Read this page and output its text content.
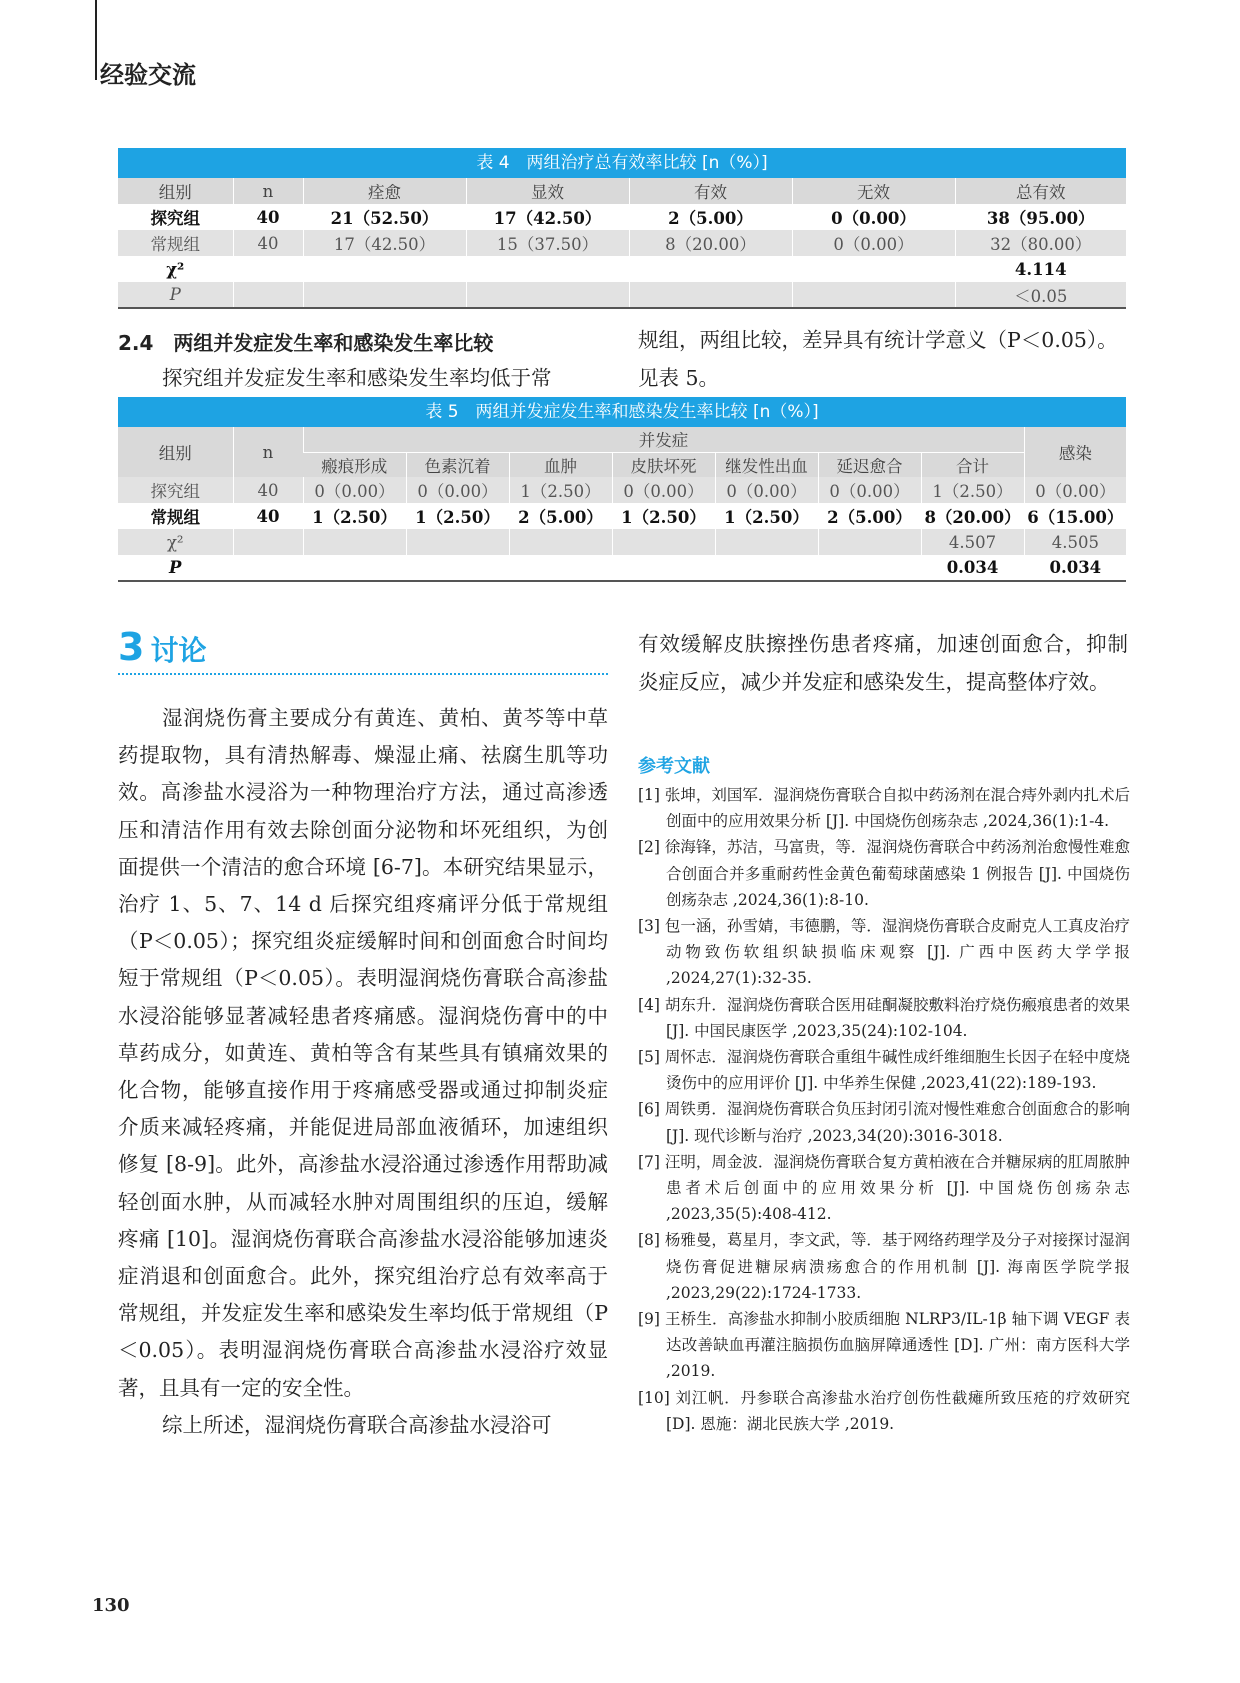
经验交流
表 4　两组治疗总有效率比较 [n（%）]
组别	n	痊愈	显效	有效	无效	总有效
探究组	40	21（52.50）	17（42.50）	2（5.00）	0（0.00）	38（95.00）
常规组	40	17（42.50）	15（37.50）	8（20.00）	0（0.00）	32（80.00）
χ²						4.114
P						＜0.05
2.4　两组并发症发生率和感染发生率比较
探究组并发症发生率和感染发生率均低于常
规组，两组比较，差异具有统计学意义（P＜0.05）。见表 5。
表 5　两组并发症发生率和感染发生率比较 [n（%）]
组别	n	并发症							感染
		瘢痕形成	色素沉着	血肿	皮肤坏死	继发性出血	延迟愈合	合计	
探究组	40	0（0.00）	0（0.00）	1（2.50）	0（0.00）	0（0.00）	0（0.00）	1（2.50）	0（0.00）
常规组	40	1（2.50）	1（2.50）	2（5.00）	1（2.50）	1（2.50）	2（5.00）	8（20.00）	6（15.00）
χ²								4.507	4.505
P								0.034	0.034
3 讨论

湿润烧伤膏主要成分有黄连、黄柏、黄芩等中草药提取物，具有清热解毒、燥湿止痛、祛腐生肌等功效。高渗盐水浸浴为一种物理治疗方法，通过高渗透压和清洁作用有效去除创面分泌物和坏死组织，为创面提供一个清洁的愈合环境 [6-7]。本研究结果显示，治疗 1、5、7、14 d 后探究组疼痛评分低于常规组（P＜0.05）；探究组炎症缓解时间和创面愈合时间均短于常规组（P＜0.05）。表明湿润烧伤膏联合高渗盐水浸浴能够显著减轻患者疼痛感。湿润烧伤膏中的中草药成分，如黄连、黄柏等含有某些具有镇痛效果的化合物，能够直接作用于疼痛感受器或通过抑制炎症介质来减轻疼痛，并能促进局部血液循环，加速组织修复 [8-9]。此外，高渗盐水浸浴通过渗透作用帮助减轻创面水肿，从而减轻水肿对周围组织的压迫，缓解疼痛 [10]。湿润烧伤膏联合高渗盐水浸浴能够加速炎症消退和创面愈合。此外，探究组治疗总有效率高于常规组，并发症发生率和感染发生率均低于常规组（P＜0.05）。表明湿润烧伤膏联合高渗盐水浸浴疗效显著，且具有一定的安全性。

综上所述，湿润烧伤膏联合高渗盐水浸浴可

有效缓解皮肤擦挫伤患者疼痛，加速创面愈合，抑制炎症反应，减少并发症和感染发生，提高整体疗效。
参考文献
[1] 张坤，刘国军．湿润烧伤膏联合自拟中药汤剂在混合痔外剥内扎术后创面中的应用效果分析 [J]. 中国烧伤创疡杂志 ,2024,36(1):1-4.
[2] 徐海锋，苏洁，马富贵，等．湿润烧伤膏联合中药汤剂治愈慢性难愈合创面合并多重耐药性金黄色葡萄球菌感染 1 例报告 [J]. 中国烧伤创疡杂志 ,2024,36(1):8-10.
[3] 包一涵，孙雪婧，韦德鹏，等．湿润烧伤膏联合皮耐克人工真皮治疗动物致伤软组织缺损临床观察 [J]. 广西中医药大学学报 ,2024,27(1):32-35.
[4] 胡东升．湿润烧伤膏联合医用硅酮凝胶敷料治疗烧伤瘢痕患者的效果 [J]. 中国民康医学 ,2023,35(24):102-104.
[5] 周怀志．湿润烧伤膏联合重组牛碱性成纤维细胞生长因子在轻中度烧烫伤中的应用评价 [J]. 中华养生保健 ,2023,41(22):189-193.
[6] 周铁勇．湿润烧伤膏联合负压封闭引流对慢性难愈合创面愈合的影响 [J]. 现代诊断与治疗 ,2023,34(20):3016-3018.
[7] 汪明，周金波．湿润烧伤膏联合复方黄柏液在合并糖尿病的肛周脓肿患者术后创面中的应用效果分析 [J]. 中国烧伤创疡杂志 ,2023,35(5):408-412.
[8] 杨雅曼，葛星月，李文武，等．基于网络药理学及分子对接探讨湿润烧伤膏促进糖尿病溃疡愈合的作用机制 [J]. 海南医学院学报 ,2023,29(22):1724-1733.
[9] 王桥生．高渗盐水抑制小胶质细胞 NLRP3/IL-1β 轴下调 VEGF 表达改善缺血再灌注脑损伤血脑屏障通透性 [D]. 广州：南方医科大学 ,2019.
[10] 刘江帆．丹参联合高渗盐水治疗创伤性截瘫所致压疮的疗效研究 [D]. 恩施：湖北民族大学 ,2019.
130
